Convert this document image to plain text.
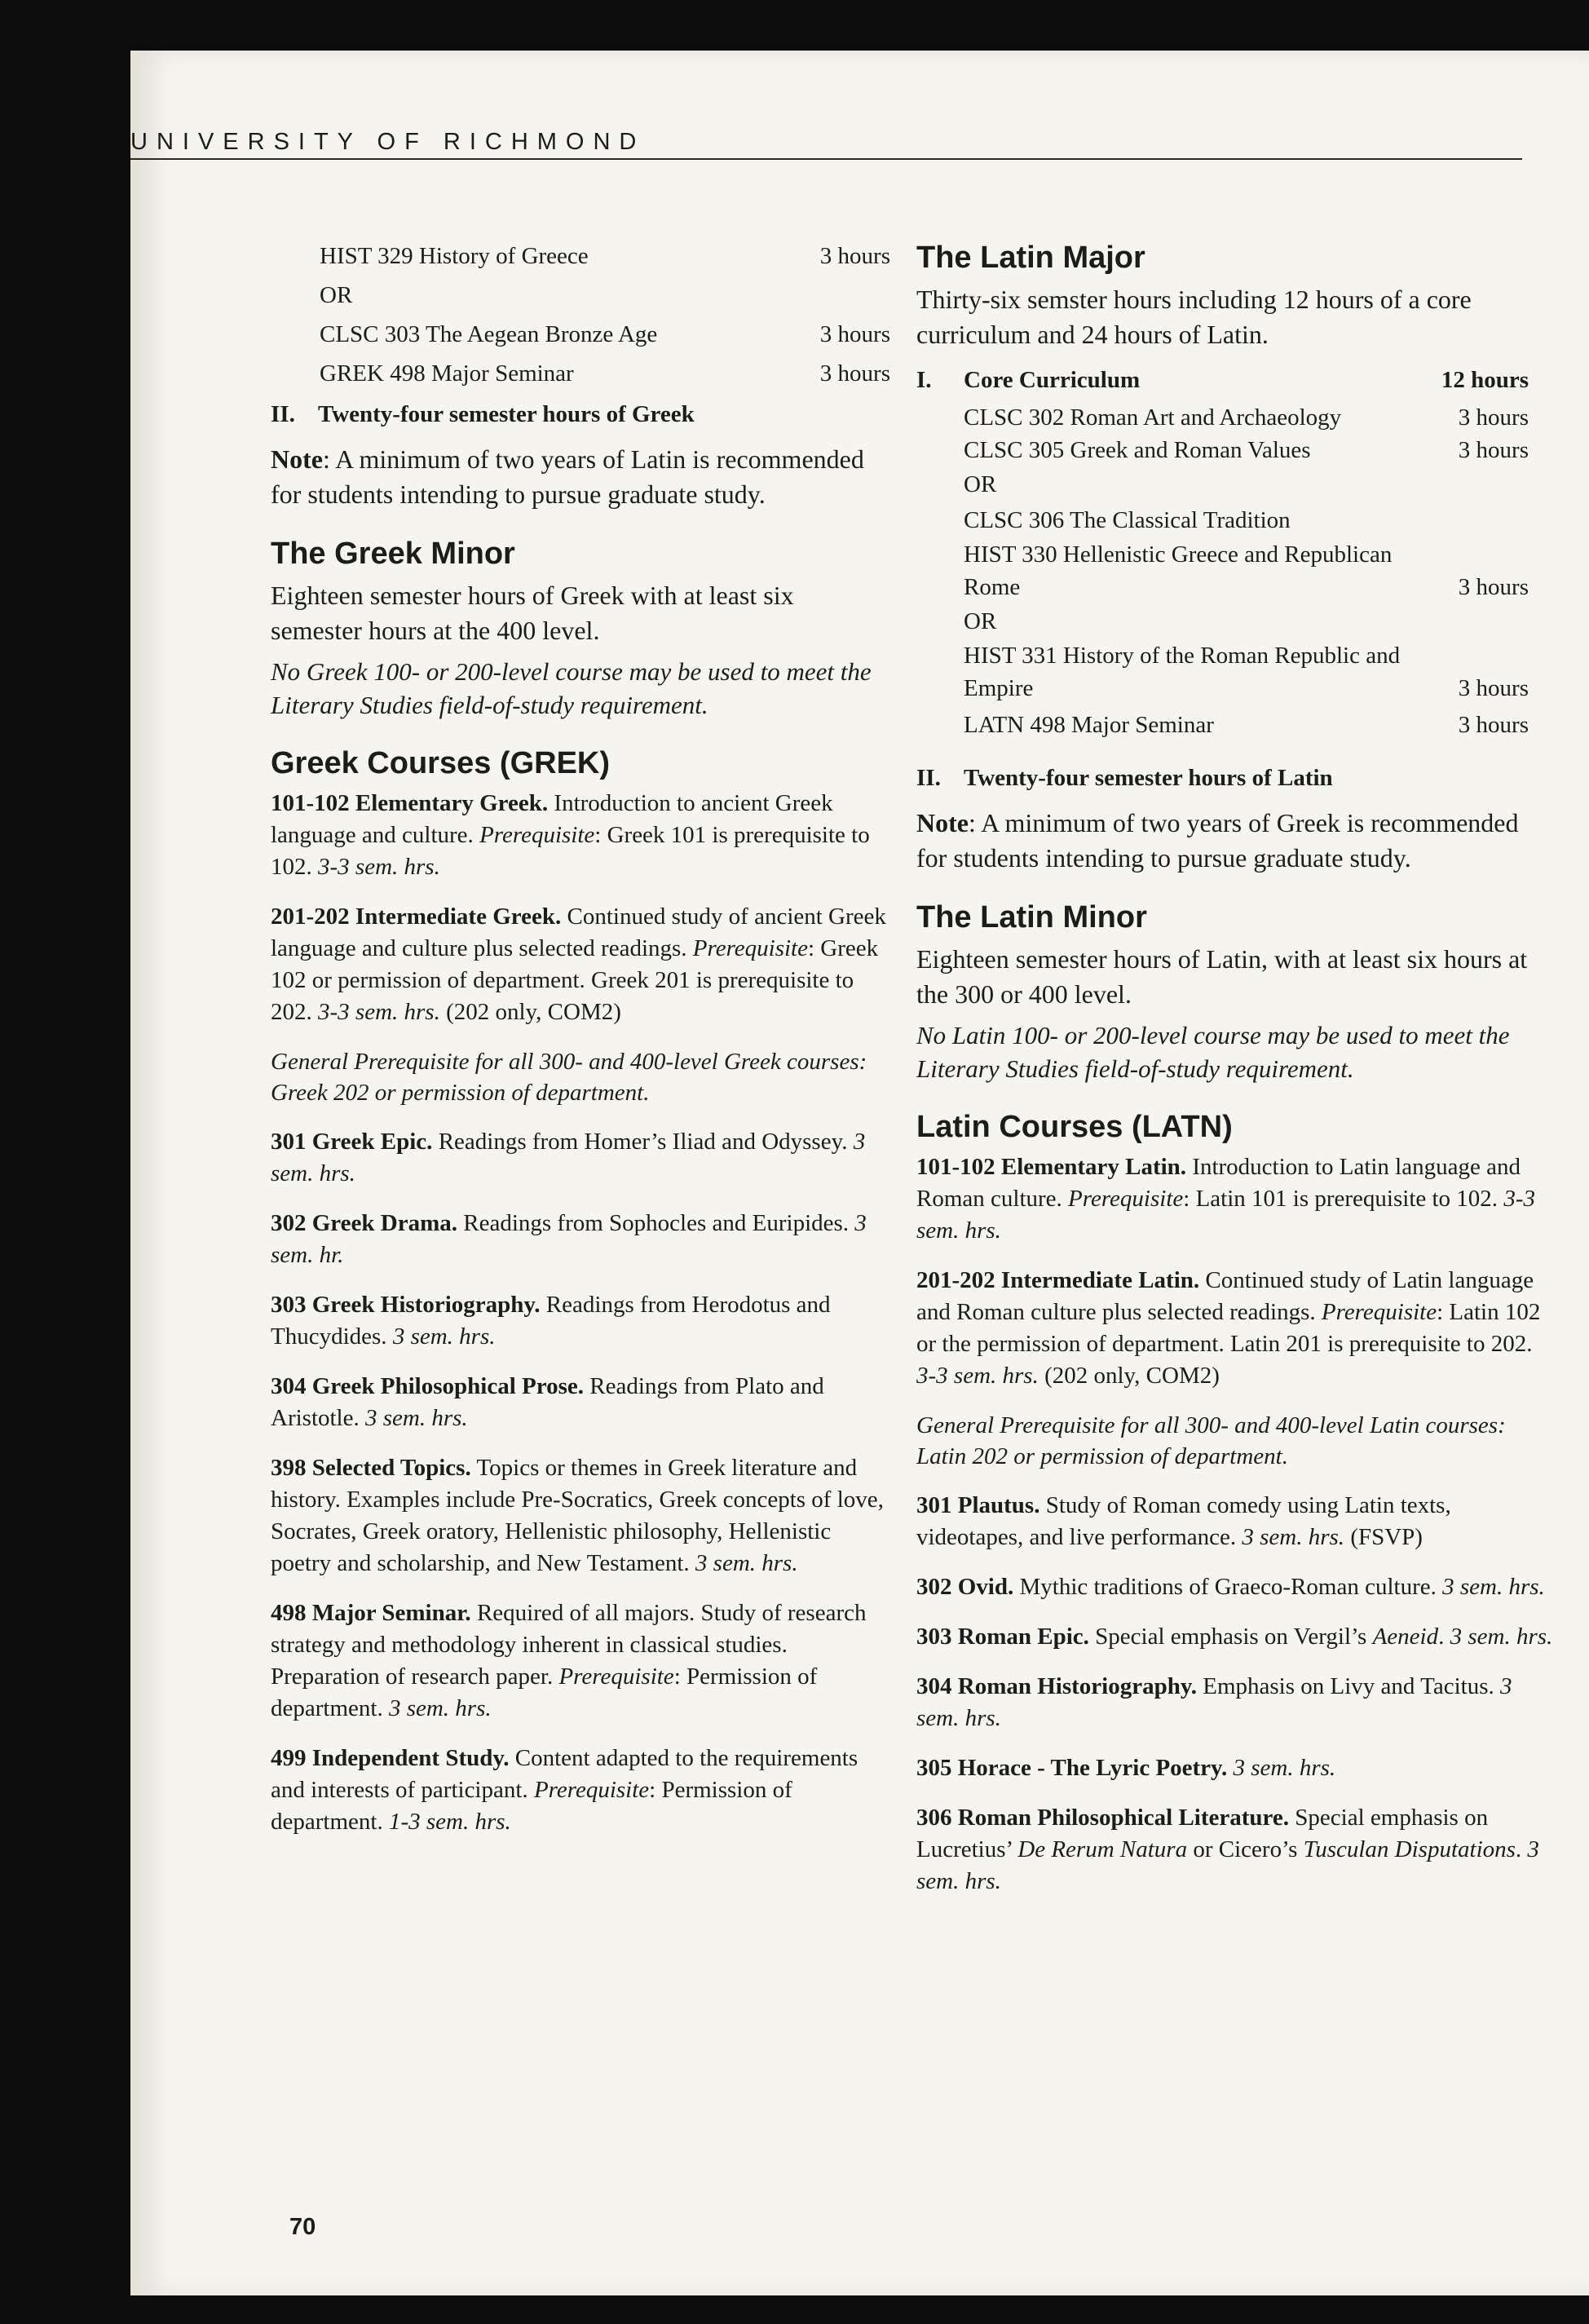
UNIVERSITY OF RICHMOND
HIST 329 History of Greece	3 hours
OR
CLSC 303 The Aegean Bronze Age	3 hours
GREK 498 Major Seminar	3 hours
II. Twenty-four semester hours of Greek

Note: A minimum of two years of Latin is recommended for students intending to pursue graduate study.

The Greek Minor

Eighteen semester hours of Greek with at least six semester hours at the 400 level.

No Greek 100- or 200-level course may be used to meet the Literary Studies field-of-study requirement.

Greek Courses (GREK)

101-102 Elementary Greek. Introduction to ancient Greek language and culture. Prerequisite: Greek 101 is prerequisite to 102. 3-3 sem. hrs.

201-202 Intermediate Greek. Continued study of ancient Greek language and culture plus selected readings. Prerequisite: Greek 102 or permission of department. Greek 201 is prerequisite to 202. 3-3 sem. hrs. (202 only, COM2)

General Prerequisite for all 300- and 400-level Greek courses: Greek 202 or permission of department.

301 Greek Epic. Readings from Homer’s Iliad and Odyssey. 3 sem. hrs.

302 Greek Drama. Readings from Sophocles and Euripides. 3 sem. hr.

303 Greek Historiography. Readings from Herodotus and Thucydides. 3 sem. hrs.

304 Greek Philosophical Prose. Readings from Plato and Aristotle. 3 sem. hrs.

398 Selected Topics. Topics or themes in Greek literature and history. Examples include Pre-Socratics, Greek concepts of love, Socrates, Greek oratory, Hellenistic philosophy, Hellenistic poetry and scholarship, and New Testament. 3 sem. hrs.

498 Major Seminar. Required of all majors. Study of research strategy and methodology inherent in classical studies. Preparation of research paper. Prerequisite: Permission of department. 3 sem. hrs.

499 Independent Study. Content adapted to the requirements and interests of participant. Prerequisite: Permission of department. 1-3 sem. hrs.

The Latin Major

Thirty-six semster hours including 12 hours of a core curriculum and 24 hours of Latin.

I. Core Curriculum	12 hours
CLSC 302 Roman Art and Archaeology	3 hours
CLSC 305 Greek and Roman Values	3 hours
OR
CLSC 306 The Classical Tradition
HIST 330 Hellenistic Greece and Republican Rome	3 hours
OR
HIST 331 History of the Roman Republic and Empire	3 hours
LATN 498 Major Seminar	3 hours
II. Twenty-four semester hours of Latin

Note: A minimum of two years of Greek is recommended for students intending to pursue graduate study.

The Latin Minor

Eighteen semester hours of Latin, with at least six hours at the 300 or 400 level.

No Latin 100- or 200-level course may be used to meet the Literary Studies field-of-study requirement.

Latin Courses (LATN)

101-102 Elementary Latin. Introduction to Latin language and Roman culture. Prerequisite: Latin 101 is prerequisite to 102. 3-3 sem. hrs.

201-202 Intermediate Latin. Continued study of Latin language and Roman culture plus selected readings. Prerequisite: Latin 102 or the permission of department. Latin 201 is prerequisite to 202. 3-3 sem. hrs. (202 only, COM2)

General Prerequisite for all 300- and 400-level Latin courses: Latin 202 or permission of department.

301 Plautus. Study of Roman comedy using Latin texts, videotapes, and live performance. 3 sem. hrs. (FSVP)

302 Ovid. Mythic traditions of Graeco-Roman culture. 3 sem. hrs.

303 Roman Epic. Special emphasis on Vergil’s Aeneid. 3 sem. hrs.

304 Roman Historiography. Emphasis on Livy and Tacitus. 3 sem. hrs.

305 Horace - The Lyric Poetry. 3 sem. hrs.

306 Roman Philosophical Literature. Special emphasis on Lucretius’ De Rerum Natura or Cicero’s Tusculan Disputations. 3 sem. hrs.

70
